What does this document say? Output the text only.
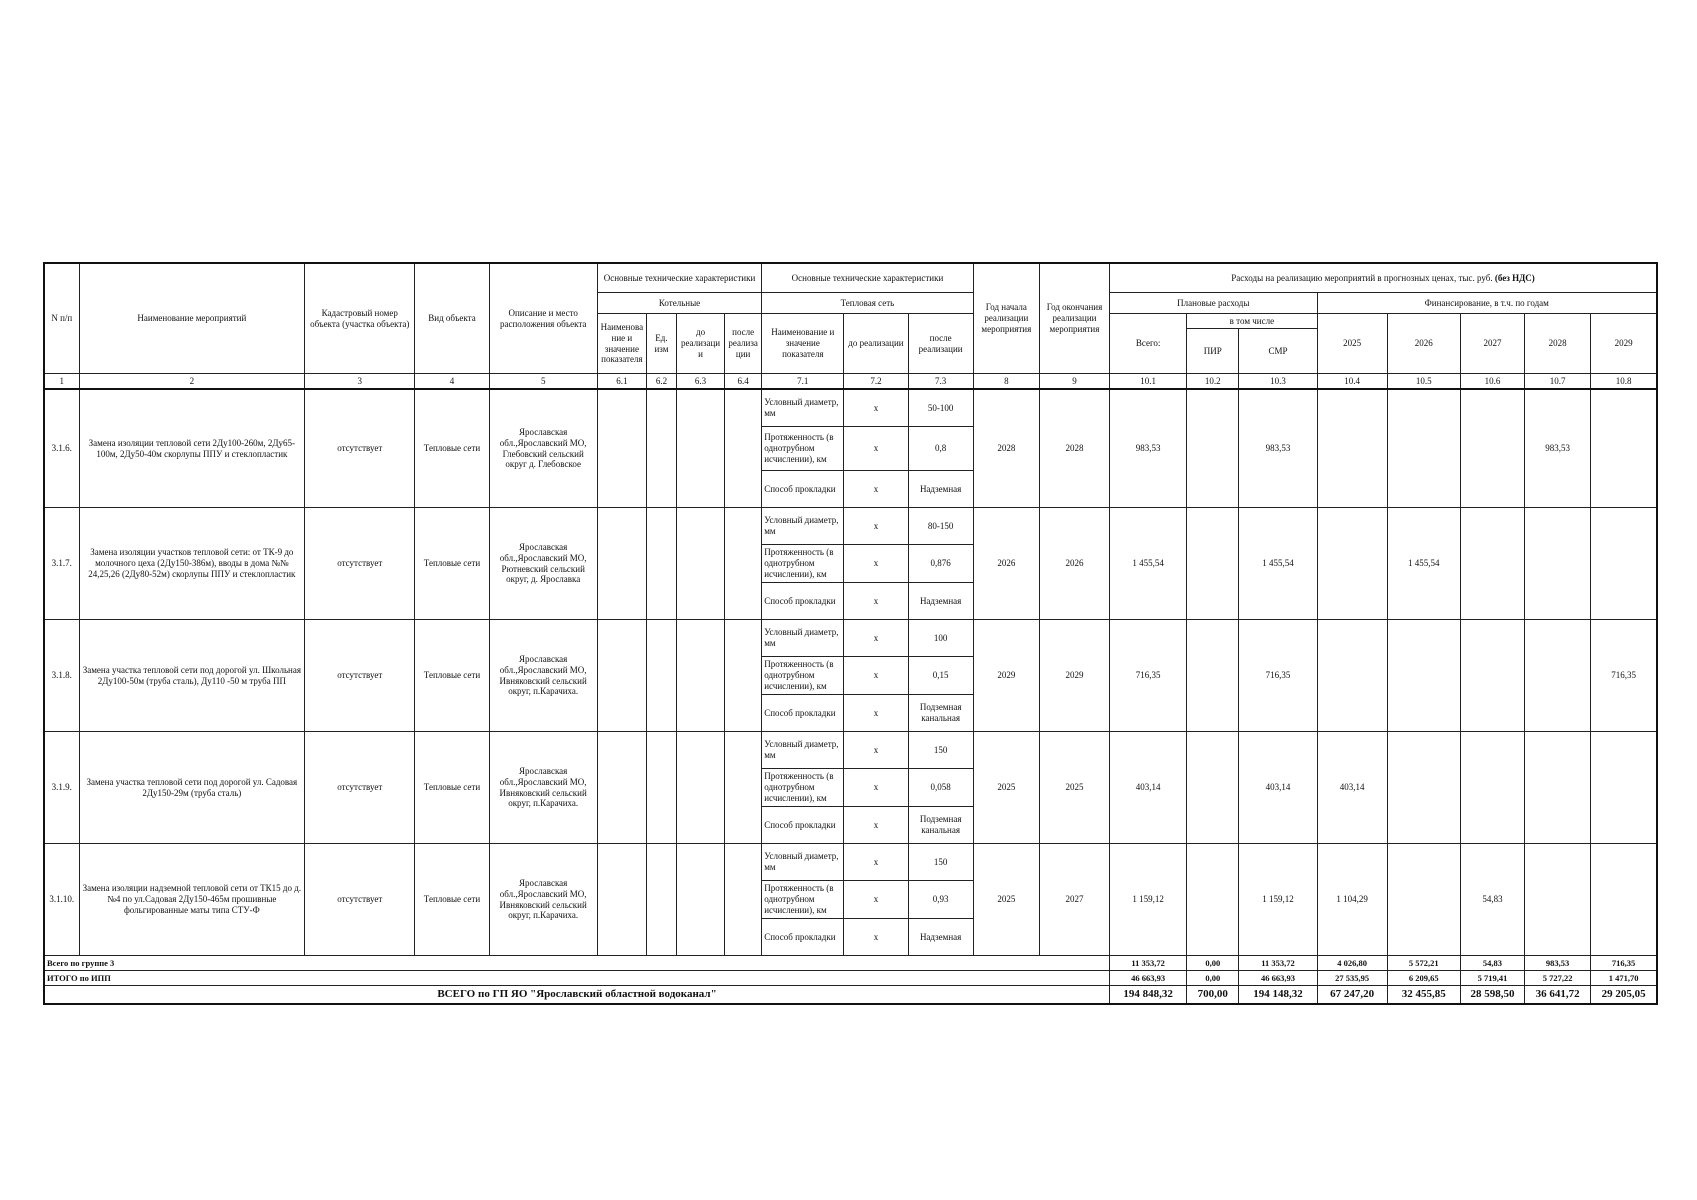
N п/п	Наименование мероприятий	Кадастровый номер объекта (участка объекта)	Вид объекта	Описание и место расположения объекта	Основные технические характеристики				Основные технические характеристики			Год начала реализации мероприятия	Год окончания реализации мероприятия	Расходы на реализацию мероприятий в прогнозных ценах, тыс. руб. (без НДС)							
					Котельные				Тепловая сеть					Плановые расходы			Финансирование, в т.ч. по годам				
					Наименова ние и значение показателя	Ед. изм	до реализаци и	после реализа ции	Наименование и значение показателя	до реализации	после реализации			Всего:	в том числе		2025	2026	2027	2028	2029
															ПИР	СМР					
1	2	3	4	5	6.1	6.2	6.3	6.4	7.1	7.2	7.3	8	9	10.1	10.2	10.3	10.4	10.5	10.6	10.7	10.8
3.1.6.	Замена изоляции тепловой сети 2Ду100-260м, 2Ду65-100м, 2Ду50-40м скорлупы ППУ и стеклопластик	отсутствует	Тепловые сети	Ярославская обл.,Ярославский МО, Глебовский сельский округ д. Глебовское					Условный диаметр, мм	х	50-100	2028	2028	983,53		983,53				983,53	
									Протяженность (в однотрубном исчислении), км	х	0,8										
									Способ прокладки	х	Надземная										
3.1.7.	Замена изоляции участков тепловой сети: от ТК-9 до молочного цеха (2Ду150-386м), вводы в дома №№ 24,25,26 (2Ду80-52м) скорлупы ППУ и стеклопластик	отсутствует	Тепловые сети	Ярославская обл.,Ярославский МО, Рютневский сельский округ, д. Ярославка					Условный диаметр, мм	х	80-150	2026	2026	1 455,54		1 455,54		1 455,54			
									Протяженность (в однотрубном исчислении), км	х	0,876										
									Способ прокладки	х	Надземная										
3.1.8.	Замена участка тепловой сети под дорогой ул. Школьная 2Ду100-50м (труба сталь), Ду110 -50 м труба ПП	отсутствует	Тепловые сети	Ярославская обл.,Ярославский МО, Ивняковский сельский округ, п.Карачиха.					Условный диаметр, мм	х	100	2029	2029	716,35		716,35					716,35
									Протяженность (в однотрубном исчислении), км	х	0,15										
									Способ прокладки	х	Подземная канальная										
3.1.9.	Замена участка тепловой сети под дорогой ул. Садовая 2Ду150-29м (труба сталь)	отсутствует	Тепловые сети	Ярославская обл.,Ярославский МО, Ивняковский сельский округ, п.Карачиха.					Условный диаметр, мм	х	150	2025	2025	403,14		403,14	403,14				
									Протяженность (в однотрубном исчислении), км	х	0,058										
									Способ прокладки	х	Подземная канальная										
3.1.10.	Замена изоляции надземной тепловой сети от ТК15 до д.№4 по ул.Садовая 2Ду150-465м прошивные фольгированные маты типа СТУ-Ф	отсутствует	Тепловые сети	Ярославская обл.,Ярославский МО, Ивняковский сельский округ, п.Карачиха.					Условный диаметр, мм	х	150	2025	2027	1 159,12		1 159,12	1 104,29		54,83		
									Протяженность (в однотрубном исчислении), км	х	0,93										
									Способ прокладки	х	Надземная										
Всего по группе 3														11 353,72	0,00	11 353,72	4 026,80	5 572,21	54,83	983,53	716,35
ИТОГО по ИПП														46 663,93	0,00	46 663,93	27 535,95	6 209,65	5 719,41	5 727,22	1 471,70
ВСЕГО по ГП ЯО "Ярославский областной водоканал"														194 848,32	700,00	194 148,32	67 247,20	32 455,85	28 598,50	36 641,72	29 205,05
